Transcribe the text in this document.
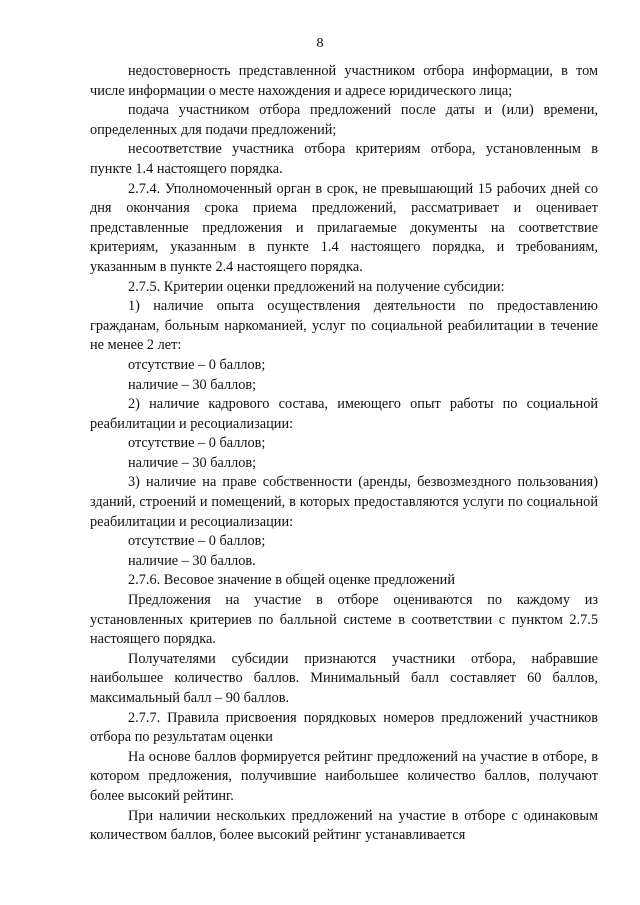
8

недостоверность представленной участником отбора информации, в том числе информации о месте нахождения и адресе юридического лица;

подача участником отбора предложений после даты и (или) времени, определенных для подачи предложений;

несоответствие участника отбора критериям отбора, установленным в пункте 1.4 настоящего порядка.

2.7.4. Уполномоченный орган в срок, не превышающий 15 рабочих дней со дня окончания срока приема предложений, рассматривает и оценивает представленные предложения и прилагаемые документы на соответствие критериям, указанным в пункте 1.4 настоящего порядка, и требованиям, указанным в пункте 2.4 настоящего порядка.

2.7.5. Критерии оценки предложений на получение субсидии:

1) наличие опыта осуществления деятельности по предоставлению гражданам, больным наркоманией, услуг по социальной реабилитации в течение не менее 2 лет:

отсутствие – 0 баллов;

наличие – 30 баллов;

2) наличие кадрового состава, имеющего опыт работы по социальной реабилитации и ресоциализации:

отсутствие – 0 баллов;

наличие – 30 баллов;

3) наличие на праве собственности (аренды, безвозмездного пользования) зданий, строений и помещений, в которых предоставляются услуги по социальной реабилитации и ресоциализации:

отсутствие – 0 баллов;

наличие – 30 баллов.

2.7.6. Весовое значение в общей оценке предложений

Предложения на участие в отборе оцениваются по каждому из установленных критериев по балльной системе в соответствии с пунктом 2.7.5 настоящего порядка.

Получателями субсидии признаются участники отбора, набравшие наибольшее количество баллов. Минимальный балл составляет 60 баллов, максимальный балл – 90 баллов.

2.7.7. Правила присвоения порядковых номеров предложений участников отбора по результатам оценки

На основе баллов формируется рейтинг предложений на участие в отборе, в котором предложения, получившие наибольшее количество баллов, получают более высокий рейтинг.

При наличии нескольких предложений на участие в отборе с одинаковым количеством баллов, более высокий рейтинг устанавливается
